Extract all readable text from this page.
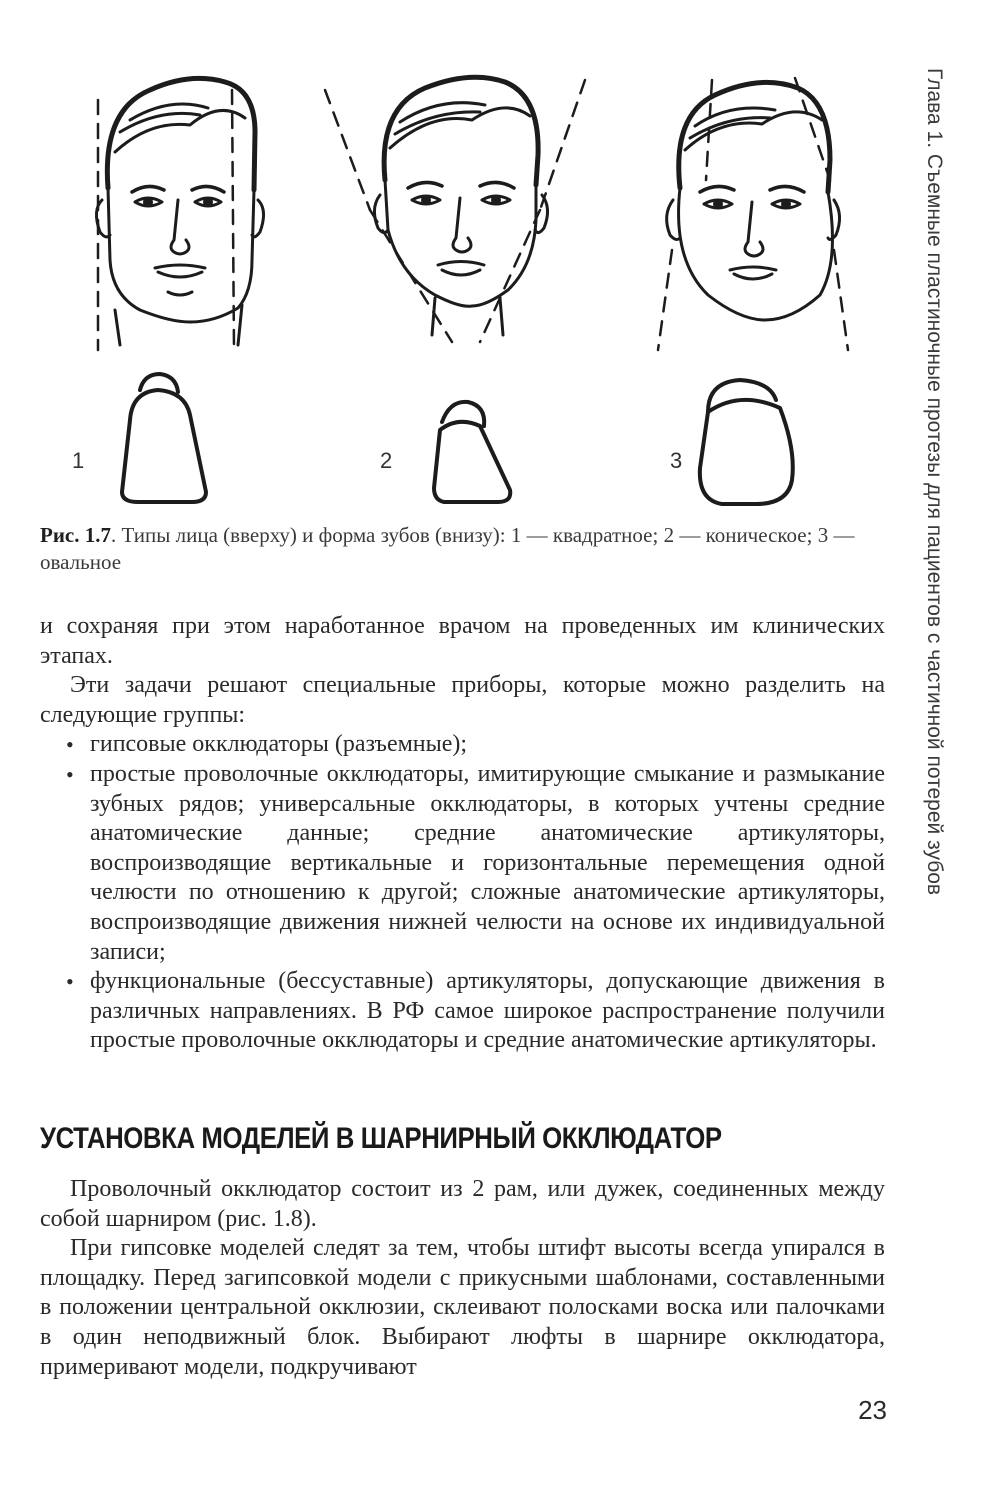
Глава 1. Съемные пластиночные протезы для пациентов с частичной потерей зубов
1	2	3
Рис. 1.7. Типы лица (вверху) и форма зубов (внизу): 1 — квадратное; 2 — коническое; 3 — овальное

и сохраняя при этом наработанное врачом на проведенных им клинических этапах.

Эти задачи решают специальные приборы, которые можно разделить на следующие группы:

• гипсовые окклюдаторы (разъемные);
• простые проволочные окклюдаторы, имитирующие смыкание и размыкание зубных рядов; универсальные окклюдаторы, в которых учтены средние анатомические данные; средние анатомические артикуляторы, воспроизводящие вертикальные и горизонтальные перемещения одной челюсти по отношению к другой; сложные анатомические артикуляторы, воспроизводящие движения нижней челюсти на основе их индивидуальной записи;
• функциональные (бессуставные) артикуляторы, допускающие движения в различных направлениях. В РФ самое широкое распространение получили простые проволочные окклюдаторы и средние анатомические артикуляторы.
УСТАНОВКА МОДЕЛЕЙ В ШАРНИРНЫЙ ОККЛЮДАТОР

Проволочный окклюдатор состоит из 2 рам, или дужек, соединенных между собой шарниром (рис. 1.8).

При гипсовке моделей следят за тем, чтобы штифт высоты всегда упирался в площадку. Перед загипсовкой модели с прикусными шаблонами, составленными в положении центральной окклюзии, склеивают полосками воска или палочками в один неподвижный блок. Выбирают люфты в шарнире окклюдатора, примеривают модели, подкручивают

23
